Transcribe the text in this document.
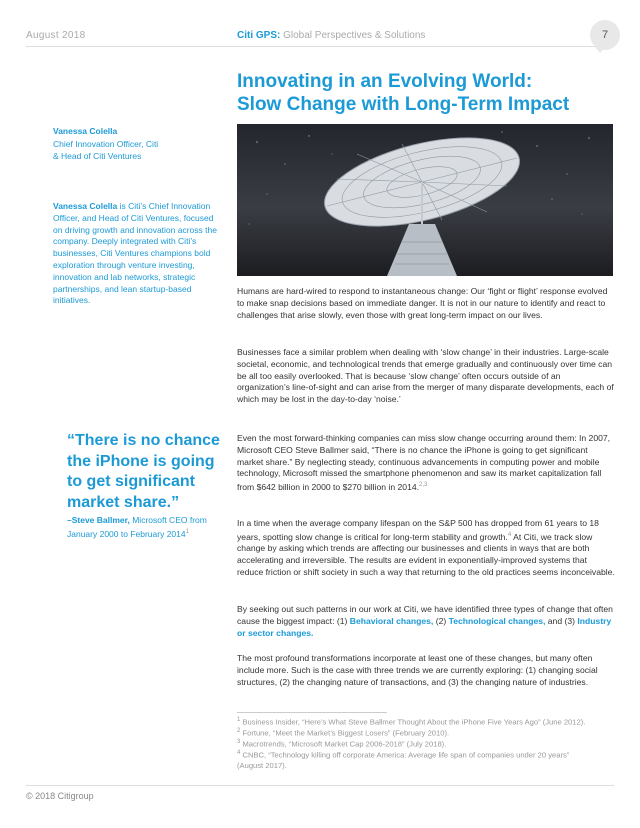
August 2018	Citi GPS: Global Perspectives & Solutions	7
Innovating in an Evolving World:
Slow Change with Long-Term Impact
Vanessa Colella
Chief Innovation Officer, Citi
& Head of Citi Ventures
Vanessa Colella is Citi’s Chief Innovation Officer, and Head of Citi Ventures, focused on driving growth and innovation across the company. Deeply integrated with Citi’s businesses, Citi Ventures champions bold exploration through venture investing, innovation and lab networks, strategic partnerships, and lean startup-based initiatives.
“There is no chance the iPhone is going to get significant market share.”
–Steve Ballmer, Microsoft CEO from January 2000 to February 2014$^1$
Humans are hard-wired to respond to instantaneous change: Our ‘fight or flight’ response evolved to make snap decisions based on immediate danger. It is not in our nature to identify and react to challenges that arise slowly, even those with great long-term impact on our lives.
Businesses face a similar problem when dealing with ‘slow change’ in their industries. Large-scale societal, economic, and technological trends that emerge gradually and continuously over time can be all too easily overlooked. That is because ‘slow change’ often occurs outside of an organization’s line-of-sight and can arise from the merger of many disparate developments, each of which may be lost in the day-to-day ‘noise.’
Even the most forward-thinking companies can miss slow change occurring around them: In 2007, Microsoft CEO Steve Ballmer said, “There is no chance the iPhone is going to get significant market share.” By neglecting steady, continuous advancements in computing power and mobile technology, Microsoft missed the smartphone phenomenon and saw its market capitalization fall from $642 billion in 2000 to $270 billion in 2014.$^{2,3}$
In a time when the average company lifespan on the S&P 500 has dropped from 61 years to 18 years, spotting slow change is critical for long-term stability and growth.$^4$ At Citi, we track slow change by asking which trends are affecting our businesses and clients in ways that are both accelerating and irreversible. The results are evident in exponentially-improved systems that reduce friction or shift society in such a way that returning to the old practices seems inconceivable.
By seeking out such patterns in our work at Citi, we have identified three types of change that often cause the biggest impact: (1) Behavioral changes, (2) Technological changes, and (3) Industry or sector changes.
The most profound transformations incorporate at least one of these changes, but many often include more. Such is the case with three trends we are currently exploring: (1) changing social structures, (2) the changing nature of transactions, and (3) the changing nature of industries.
$^1$ Business Insider, “Here’s What Steve Ballmer Thought About the iPhone Five Years Ago” (June 2012).
$^2$ Fortune, “Meet the Market’s Biggest Losers” (February 2010).
$^3$ Macrotrends, “Microsoft Market Cap 2006-2018” (July 2018).
$^4$ CNBC, “Technology killing off corporate America: Average life span of companies under 20 years” (August 2017).
© 2018 Citigroup
